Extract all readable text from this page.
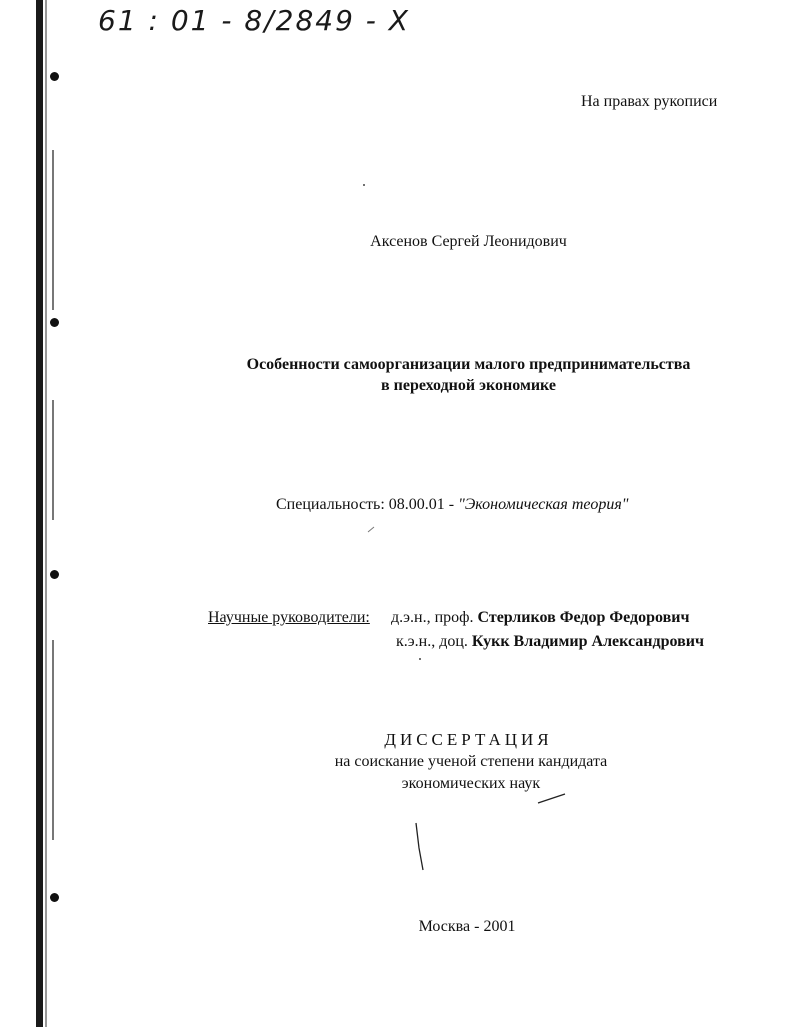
61 : 01 - 8/2849 - X
На правах рукописи
Аксенов Сергей Леонидович
Особенности самоорганизации малого предпринимательства
в переходной экономике
Специальность: 08.00.01 - "Экономическая теория"
Научные руководители: д.э.н., проф. Стерликов Федор Федорович
к.э.н., доц. Кукк Владимир Александрович
ДИССЕРТАЦИЯ
на соискание ученой степени кандидата
экономических наук
Москва - 2001
